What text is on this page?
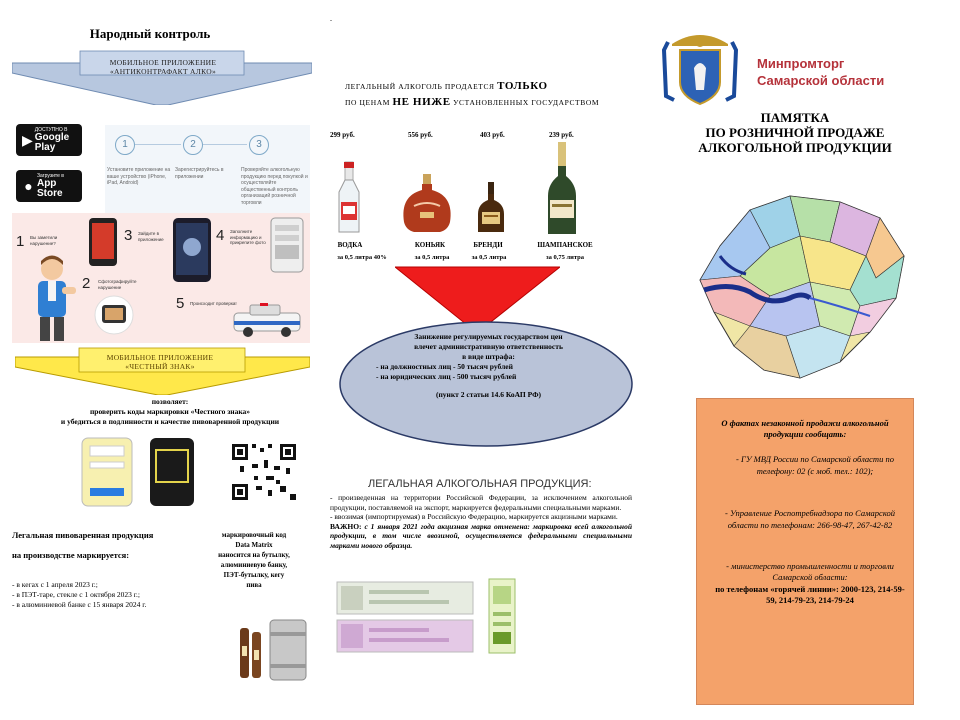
Народный контроль
МОБИЛЬНОЕ ПРИЛОЖЕНИЕ
«АНТИКОНТРАФАКТ АЛКО»
▶
ДОСТУПНО В
Google Play
●
Загрузите в
App Store
1	2	3
Установите приложение на ваше устройство (iPhone, iPad, Android)
Зарегистрируйтесь в приложении
Проверяйте алкогольную продукцию перед покупкой и осуществляйте общественный контроль организаций розничной торговли
1 Вы заметили нарушение?
2 Сфотографируйте нарушение
3 Зайдите в приложение	4 Заполните информацию и прикрепите фото
5 Происходит проверка!
МОБИЛЬНОЕ ПРИЛОЖЕНИЕ
«ЧЕСТНЫЙ ЗНАК»
позволяет:
проверить коды маркировки «Честного знака»
и убедиться в подлинности и качестве пивоваренной продукции
Легальная пивоваренная продукция
на производстве маркируется:
- в кегах с 1 апреля 2023 г.;
- в ПЭТ-таре, стекле с 1 октября 2023 г.;
- в алюминиевой банке с 15 января 2024 г.
маркировочный код
Data Matrix
наносится на бутылку,
алюминиевую банку,
ПЭТ-бутылку, кегу
пива
.
ЛЕГАЛЬНЫЙ АЛКОГОЛЬ ПРОДАЕТСЯ ТОЛЬКО
ПО ЦЕНАМ НЕ НИЖЕ УСТАНОВЛЕННЫХ ГОСУДАРСТВОМ
299 руб.	556 руб.	403 руб.	239 руб.
ВОДКА	КОНЬЯК	БРЕНДИ	ШАМПАНСКОЕ
за 0,5 литра 40%	за 0,5 литра	за 0,5 литра	за 0,75 литра
Занижение регулируемых государством цен
влечет административную ответственность
в виде штрафа:
- на должностных лиц - 50 тысяч рублей
- на юридических лиц - 500 тысяч рублей
(пункт 2 статьи 14.6 КоАП РФ)
ЛЕГАЛЬНАЯ АЛКОГОЛЬНАЯ ПРОДУКЦИЯ:
- произведенная на территории Российской Федерации, за исключением алкогольной продукции, поставляемой на экспорт, маркируется федеральными специальными марками.
- ввозимая (импортируемая) в Российскую Федерацию, маркируется акцизными марками.
ВАЖНО: с 1 января 2021 года акцизная марка отменена: маркировка всей алкогольной продукции, в том числе ввозимой, осуществляется федеральными специальными марками нового образца.
Минпромторг
Самарской области
ПАМЯТКА
ПО РОЗНИЧНОЙ ПРОДАЖЕ
АЛКОГОЛЬНОЙ ПРОДУКЦИИ
О фактах незаконной продажи алкогольной продукции сообщать:
- ГУ МВД России по Самарской области по телефону: 02 (с моб. тел.: 102);
- Управление Роспотребнадзора по Самарской области по телефонам: 266-98-47, 267-42-82
- министерство промышленности и торговли Самарской области:
по телефонам «горячей линии»: 2000-123, 214-59-59, 214-79-23, 214-79-24
